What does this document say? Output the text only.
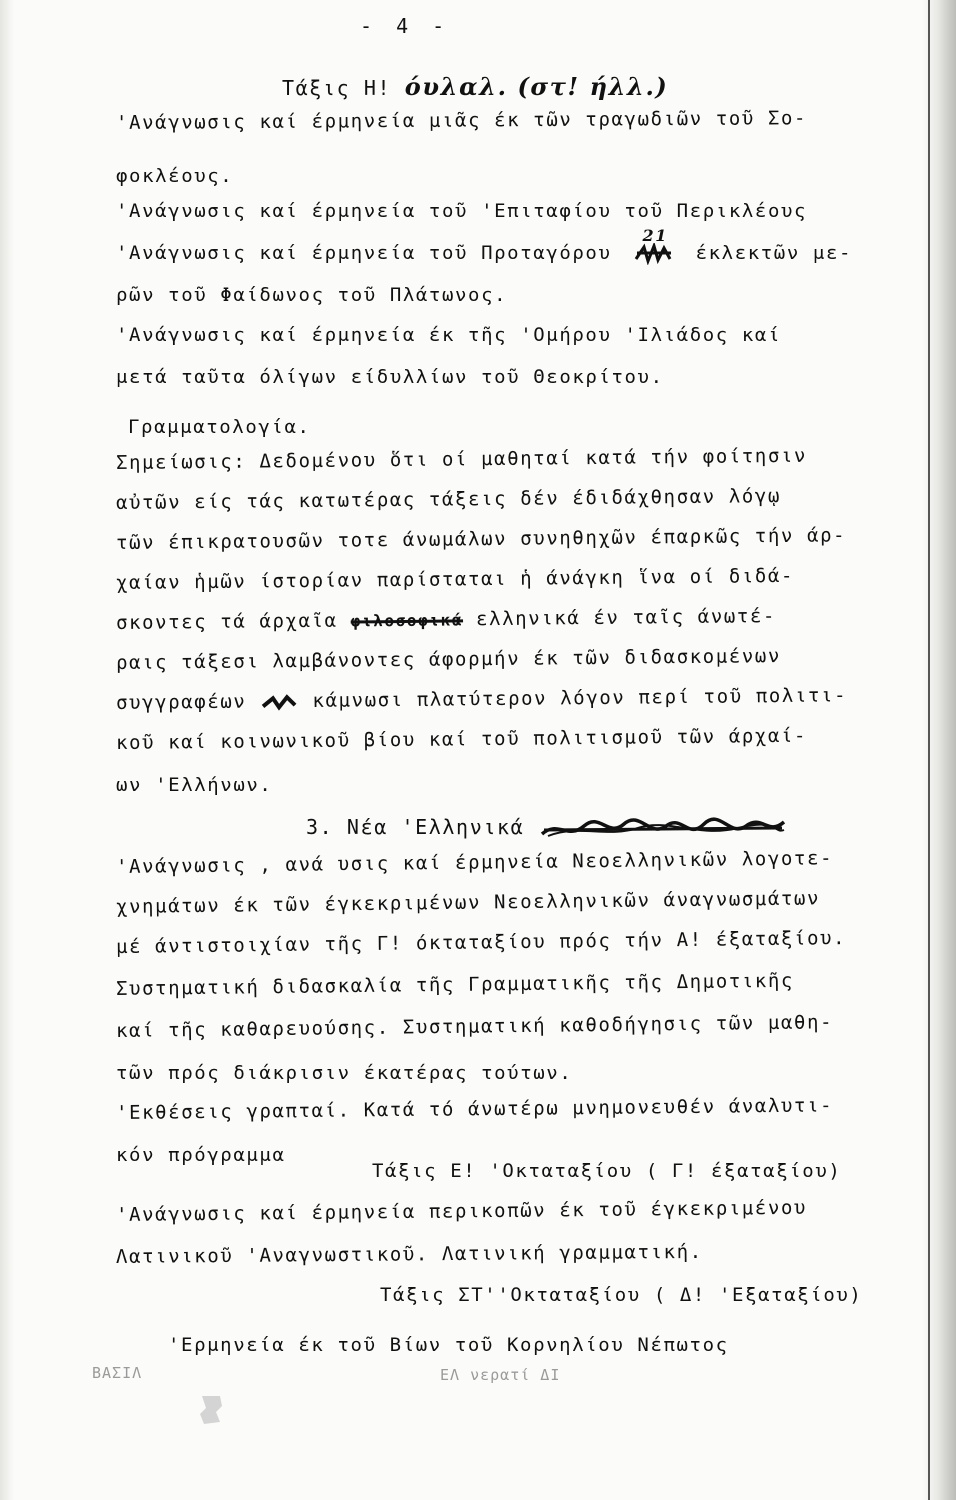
- 4 -
Τάξις Η! όυλαλ. (στ! ήλλ.)
'Ανάγνωσις καί έρμηνεία μιᾶς έκ τῶν τραγωδιῶν τοῦ Σο-
φοκλέους.
'Ανάγνωσις καί έρμηνεία τοῦ 'Επιταφίου τοῦ Περικλέους
'Ανάγνωσις καί έρμηνεία τοῦ Προταγόρου
21
έκλεκτῶν με-
ρῶν τοῦ Φαίδωνος τοῦ Πλάτωνος.
'Ανάγνωσις καί έρμηνεία έκ τῆς 'Ομήρου 'Ιλιάδος καί
μετά ταῦτα όλίγων είδυλλίων τοῦ Θεοκρίτου.
Γραμματολογία.
Σημείωσις: Δεδομένου ὅτι οί μαθηταί κατά τήν φοίτησιν
αὐτῶν είς τάς κατωτέρας τάξεις δέν έδιδάχθησαν λόγῳ
τῶν έπικρατουσῶν τοτε άνωμάλων συνηθηχῶν έπαρκῶς τήν άρ-
χαίαν ἡμῶν ίστορίαν παρίσταται ἡ άνάγκη ἵνα οί διδά-
σκοντες τά άρχαῖα φιλοσοφικά ελληνικά έν ταῖς άνωτέ-
ραις τάξεσι λαμβάνοντες άφορμήν έκ τῶν διδασκομένων
συγγραφέων	κάμνωσι πλατύτερον λόγον περί τοῦ πολιτι-
κοῦ καί κοινωνικοῦ βίου καί τοῦ πολιτισμοῦ τῶν άρχαί-
ων 'Ελλήνων.
3. Νέα 'Ελληνικά
'Ανάγνωσις , ανά υσις καί έρμηνεία Νεοελληνικῶν λογοτε-
χνημάτων έκ τῶν έγκεκριμένων Νεοελληνικῶν άναγνωσμάτων
μέ άντιστοιχίαν τῆς Γ! όκταταξίου πρός τήν Α! έξαταξίου.
Συστηματική διδασκαλία τῆς Γραμματικῆς τῆς Δημοτικῆς
καί τῆς καθαρευούσης. Συστηματική καθοδήγησις τῶν μαθη-
τῶν πρός διάκρισιν έκατέρας τούτων.
'Εκθέσεις γραπταί. Κατά τό άνωτέρω μνημονευθέν άναλυτι-
κόν πρόγραμμα
Τάξις Ε! 'Οκταταξίου ( Γ! έξαταξίου)
'Ανάγνωσις καί έρμηνεία περικοπῶν έκ τοῦ έγκεκριμένου
Λατινικοῦ 'Αναγνωστικοῦ. Λατινική γραμματική.
Τάξις ΣΤ''Οκταταξίου ( Δ! 'Εξαταξίου)
'Ερμηνεία έκ τοῦ Βίων τοῦ Κορνηλίου Νέπωτος
ΒΑΣΙΛ	ΕΛ νερατί ΔΙ
